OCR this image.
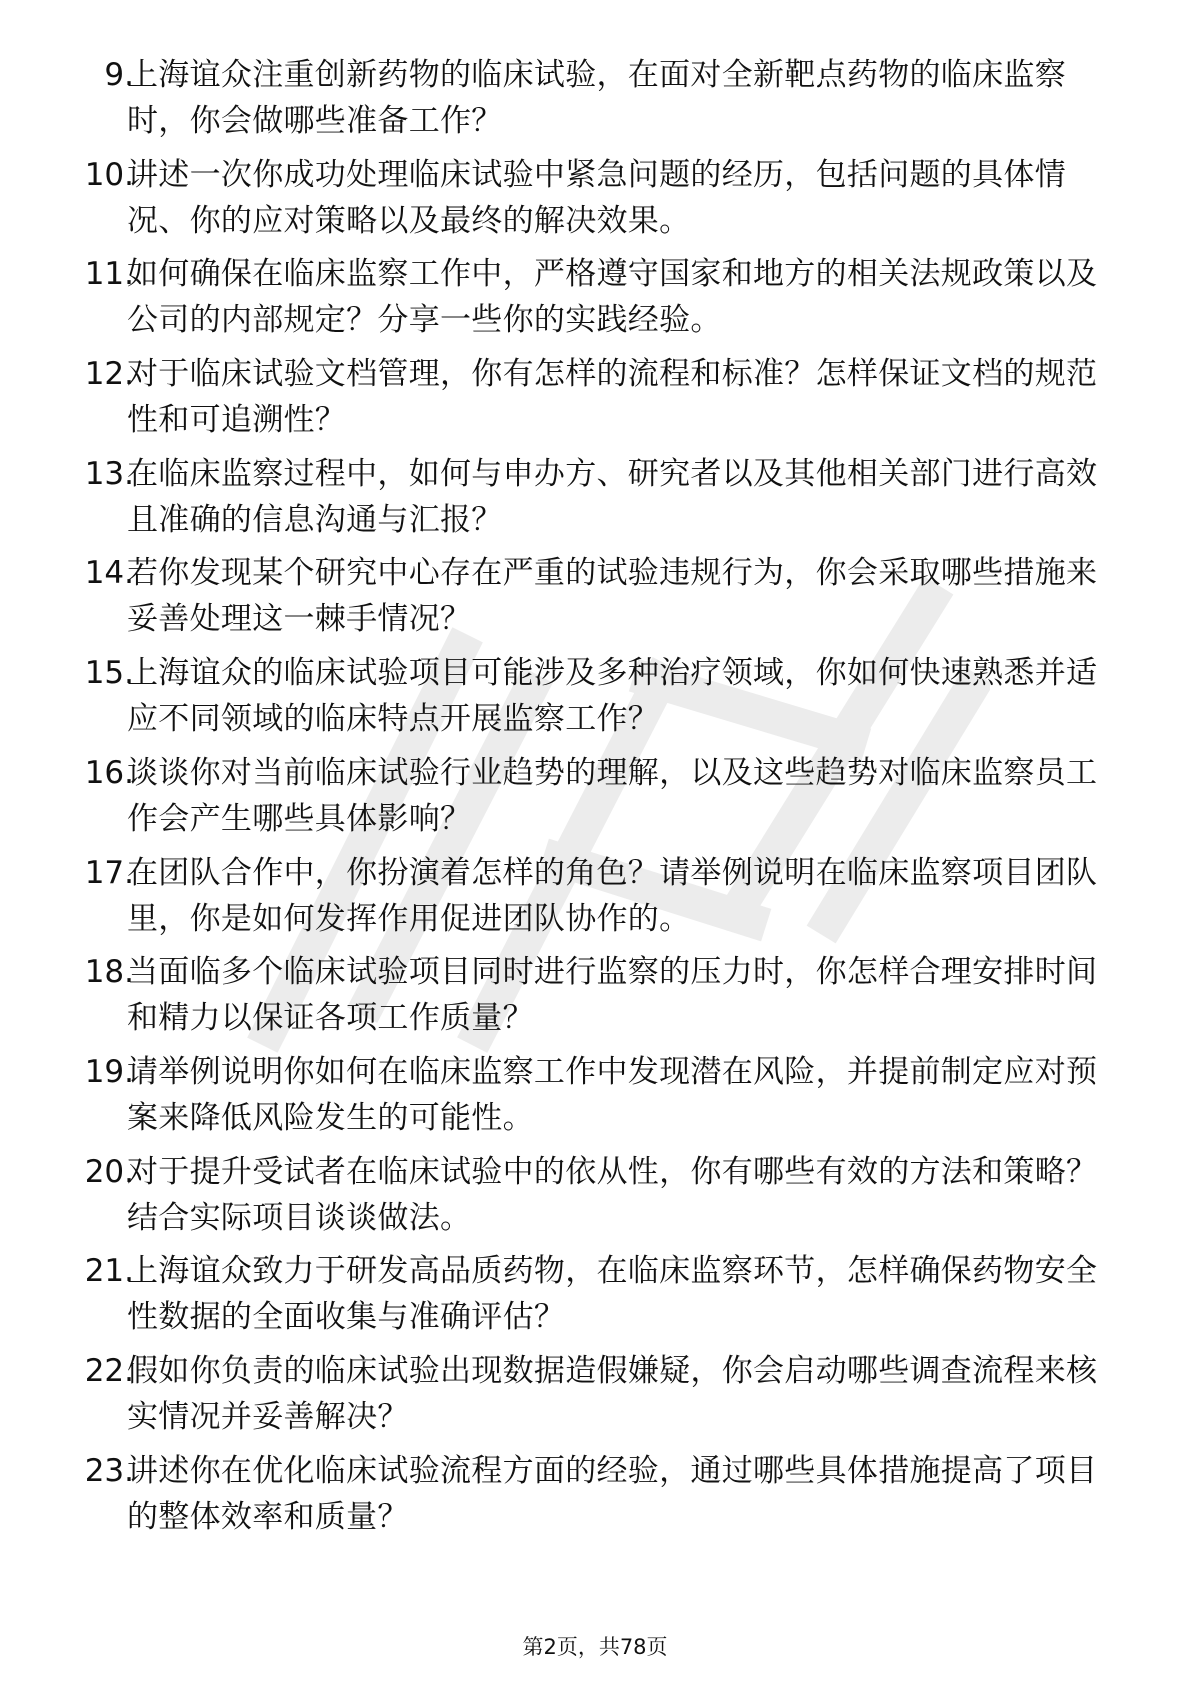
9.
上海谊众注重创新药物的临床试验，在面对全新靶点药物的临床监察时，你会做哪些准备工作？
10.
讲述一次你成功处理临床试验中紧急问题的经历，包括问题的具体情况、你的应对策略以及最终的解决效果。
11.
如何确保在临床监察工作中，严格遵守国家和地方的相关法规政策以及公司的内部规定？分享一些你的实践经验。
12.
对于临床试验文档管理，你有怎样的流程和标准？怎样保证文档的规范性和可追溯性？
13.
在临床监察过程中，如何与申办方、研究者以及其他相关部门进行高效且准确的信息沟通与汇报？
14.
若你发现某个研究中心存在严重的试验违规行为，你会采取哪些措施来妥善处理这一棘手情况？
15.
上海谊众的临床试验项目可能涉及多种治疗领域，你如何快速熟悉并适应不同领域的临床特点开展监察工作？
16.
谈谈你对当前临床试验行业趋势的理解，以及这些趋势对临床监察员工作会产生哪些具体影响？
17.
在团队合作中，你扮演着怎样的角色？请举例说明在临床监察项目团队里，你是如何发挥作用促进团队协作的。
18.
当面临多个临床试验项目同时进行监察的压力时，你怎样合理安排时间和精力以保证各项工作质量？
19.
请举例说明你如何在临床监察工作中发现潜在风险，并提前制定应对预案来降低风险发生的可能性。
20.
对于提升受试者在临床试验中的依从性，你有哪些有效的方法和策略？结合实际项目谈谈做法。
21.
上海谊众致力于研发高品质药物，在临床监察环节，怎样确保药物安全性数据的全面收集与准确评估？
22.
假如你负责的临床试验出现数据造假嫌疑，你会启动哪些调查流程来核实情况并妥善解决？
23.
讲述你在优化临床试验流程方面的经验，通过哪些具体措施提高了项目的整体效率和质量？
第2页，共78页
